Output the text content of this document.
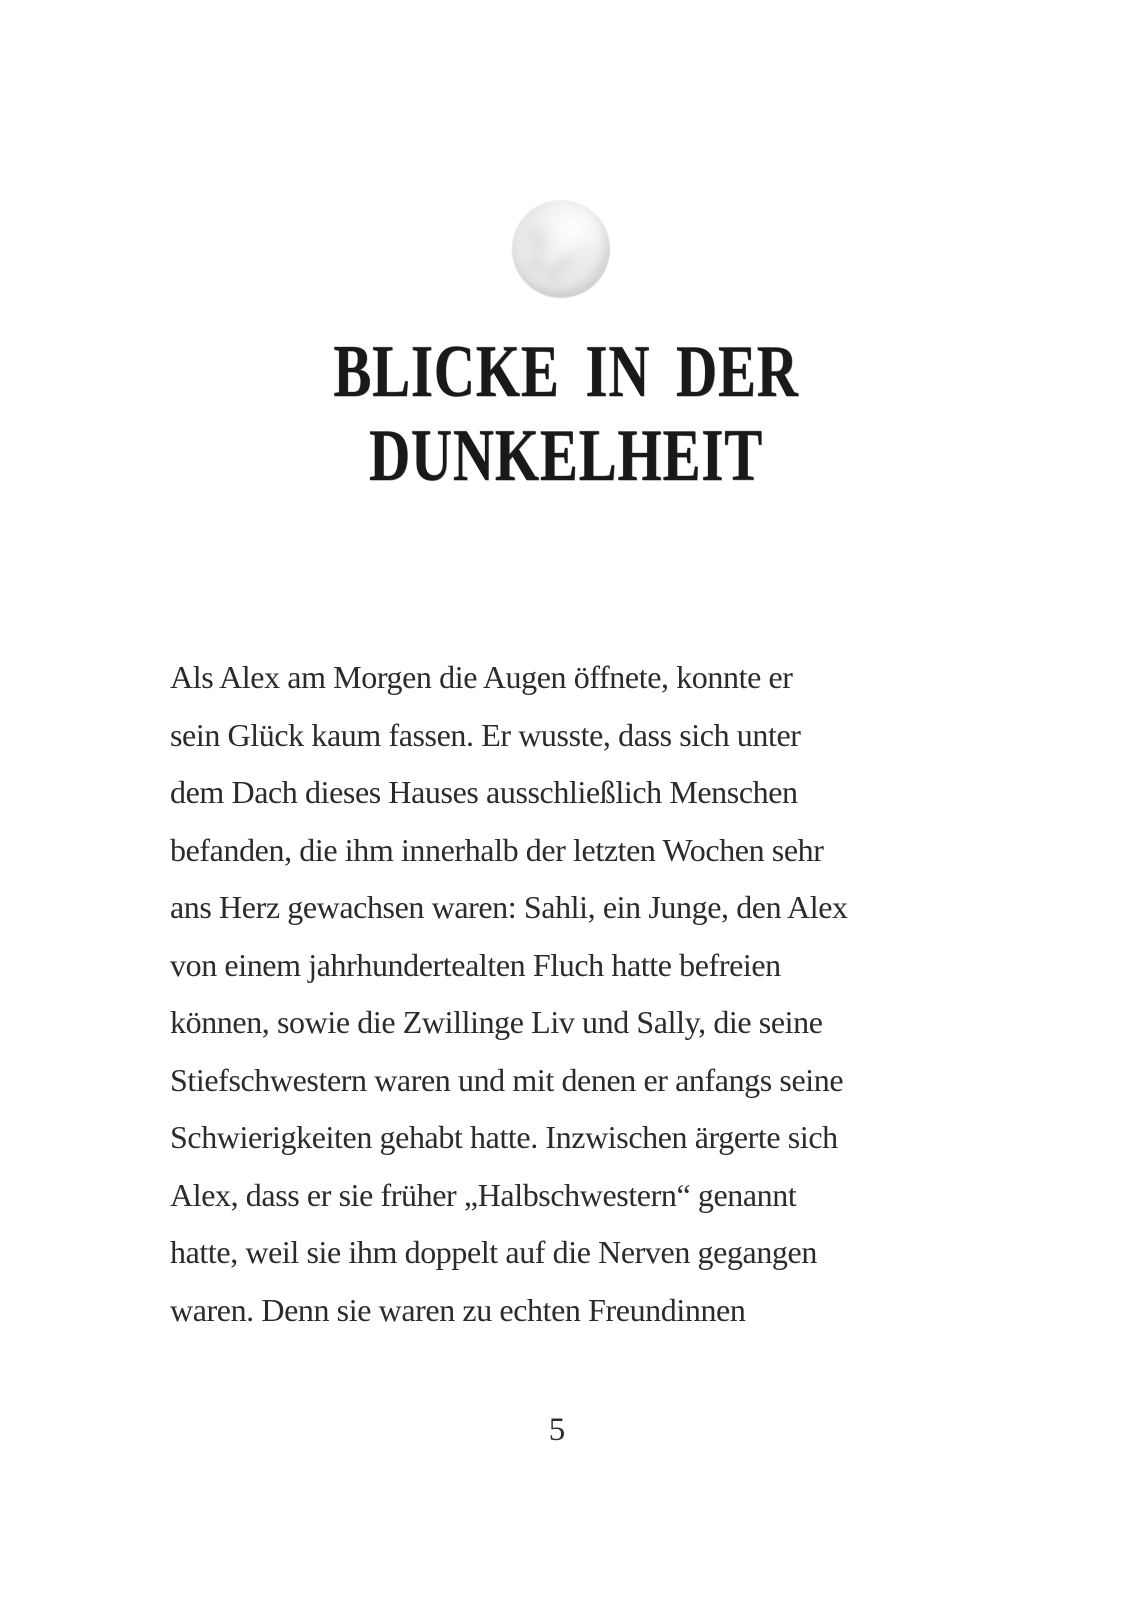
BLICKE IN DER
DUNKELHEIT
Als Alex am Morgen die Augen öffnete, konnte er
sein Glück kaum fassen. Er wusste, dass sich unter
dem Dach dieses Hauses ausschließlich Menschen
befanden, die ihm innerhalb der letzten Wochen sehr
ans Herz gewachsen waren: Sahli, ein Junge, den Alex
von einem jahrhundertealten Fluch hatte befreien
können, sowie die Zwillinge Liv und Sally, die seine
Stiefschwestern waren und mit denen er anfangs seine
Schwierigkeiten gehabt hatte. Inzwischen ärgerte sich
Alex, dass er sie früher „Halbschwestern“ genannt
hatte, weil sie ihm doppelt auf die Nerven gegangen
waren. Denn sie waren zu echten Freundinnen
5
